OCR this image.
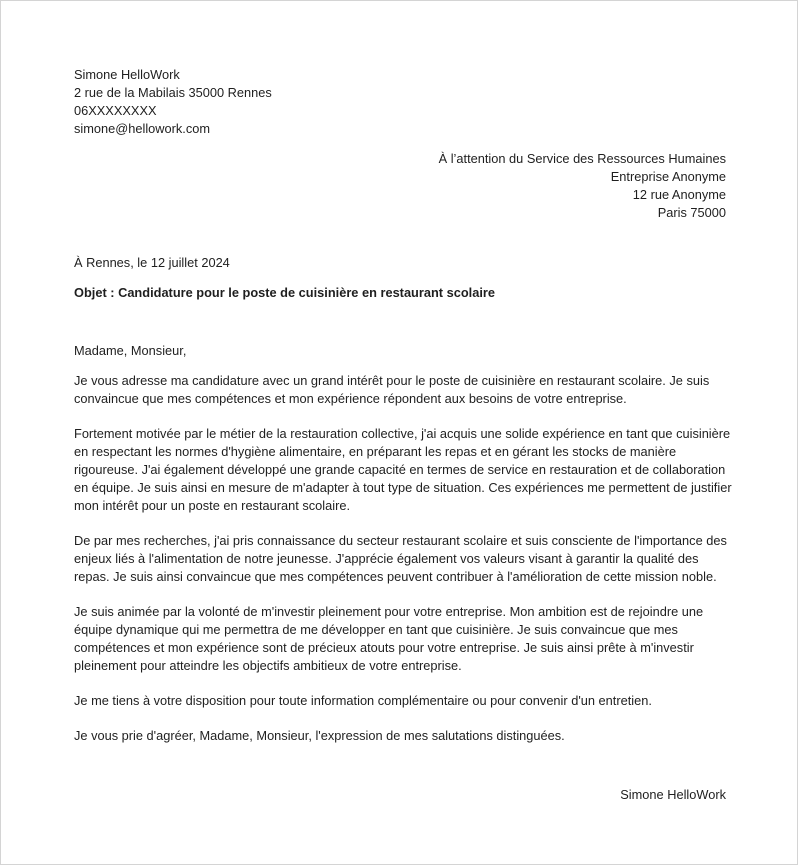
Simone HelloWork
2 rue de la Mabilais 35000 Rennes
06XXXXXXXX
simone@hellowork.com
À l’attention du Service des Ressources Humaines
Entreprise Anonyme
12 rue Anonyme
Paris 75000
À Rennes, le 12 juillet 2024
Objet : Candidature pour le poste de cuisinière en restaurant scolaire

Madame, Monsieur,

Je vous adresse ma candidature avec un grand intérêt pour le poste de cuisinière en restaurant scolaire. Je suis convaincue que mes compétences et mon expérience répondent aux besoins de votre entreprise.

Fortement motivée par le métier de la restauration collective, j'ai acquis une solide expérience en tant que cuisinière en respectant les normes d'hygiène alimentaire, en préparant les repas et en gérant les stocks de manière rigoureuse. J'ai également développé une grande capacité en termes de service en restauration et de collaboration en équipe. Je suis ainsi en mesure de m'adapter à tout type de situation. Ces expériences me permettent de justifier mon intérêt pour un poste en restaurant scolaire.

De par mes recherches, j'ai pris connaissance du secteur restaurant scolaire et suis consciente de l'importance des enjeux liés à l'alimentation de notre jeunesse. J'apprécie également vos valeurs visant à garantir la qualité des repas. Je suis ainsi convaincue que mes compétences peuvent contribuer à l'amélioration de cette mission noble.

Je suis animée par la volonté de m'investir pleinement pour votre entreprise. Mon ambition est de rejoindre une équipe dynamique qui me permettra de me développer en tant que cuisinière. Je suis convaincue que mes compétences et mon expérience sont de précieux atouts pour votre entreprise. Je suis ainsi prête à m'investir pleinement pour atteindre les objectifs ambitieux de votre entreprise.

Je me tiens à votre disposition pour toute information complémentaire ou pour convenir d'un entretien.

Je vous prie d'agréer, Madame, Monsieur, l'expression de mes salutations distinguées.

Simone HelloWork
